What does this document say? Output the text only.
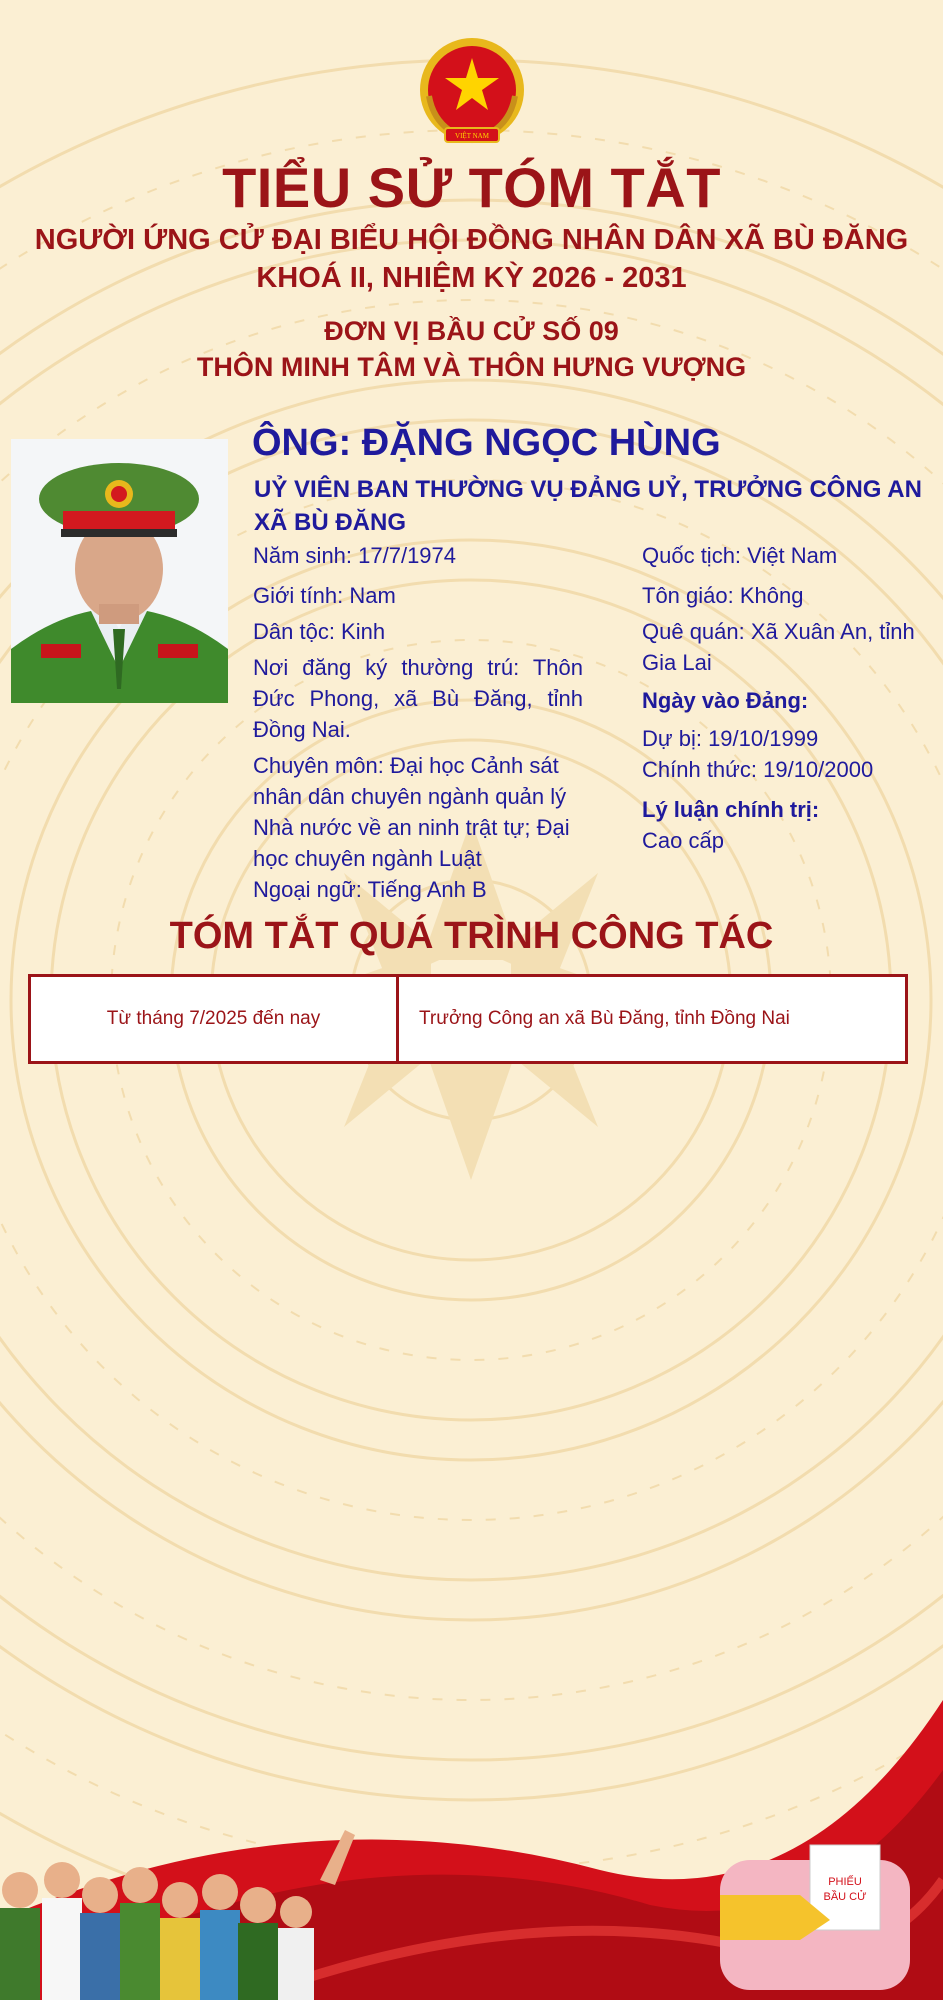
VIỆT NAM
TIỂU SỬ TÓM TẮT
NGƯỜI ỨNG CỬ ĐẠI BIỂU HỘI ĐỒNG NHÂN DÂN XÃ BÙ ĐĂNG
KHOÁ II, NHIỆM KỲ 2026 - 2031
ĐƠN VỊ BẦU CỬ SỐ 09
THÔN MINH TÂM VÀ THÔN HƯNG VƯỢNG
ÔNG: ĐẶNG NGỌC HÙNG
UỶ VIÊN BAN THƯỜNG VỤ ĐẢNG UỶ, TRƯỞNG CÔNG AN XÃ BÙ ĐĂNG

Năm sinh: 17/7/1974

Giới tính: Nam

Dân tộc: Kinh

Nơi đăng ký thường trú: Thôn Đức Phong, xã Bù Đăng, tỉnh Đồng Nai.

Chuyên môn: Đại học Cảnh sát nhân dân chuyên ngành quản lý Nhà nước về an ninh trật tự; Đại học chuyên ngành Luật

Ngoại ngữ: Tiếng Anh B

Quốc tịch: Việt Nam

Tôn giáo: Không

Quê quán: Xã Xuân An, tỉnh Gia Lai

Ngày vào Đảng:

Dự bị: 19/10/1999

Chính thức: 19/10/2000

Lý luận chính trị:

Cao cấp

TÓM TẮT QUÁ TRÌNH CÔNG TÁC
Từ tháng 7/2025 đến nay	Trưởng Công an xã Bù Đăng, tỉnh Đồng Nai
PHIẾU
BẦU CỬ
